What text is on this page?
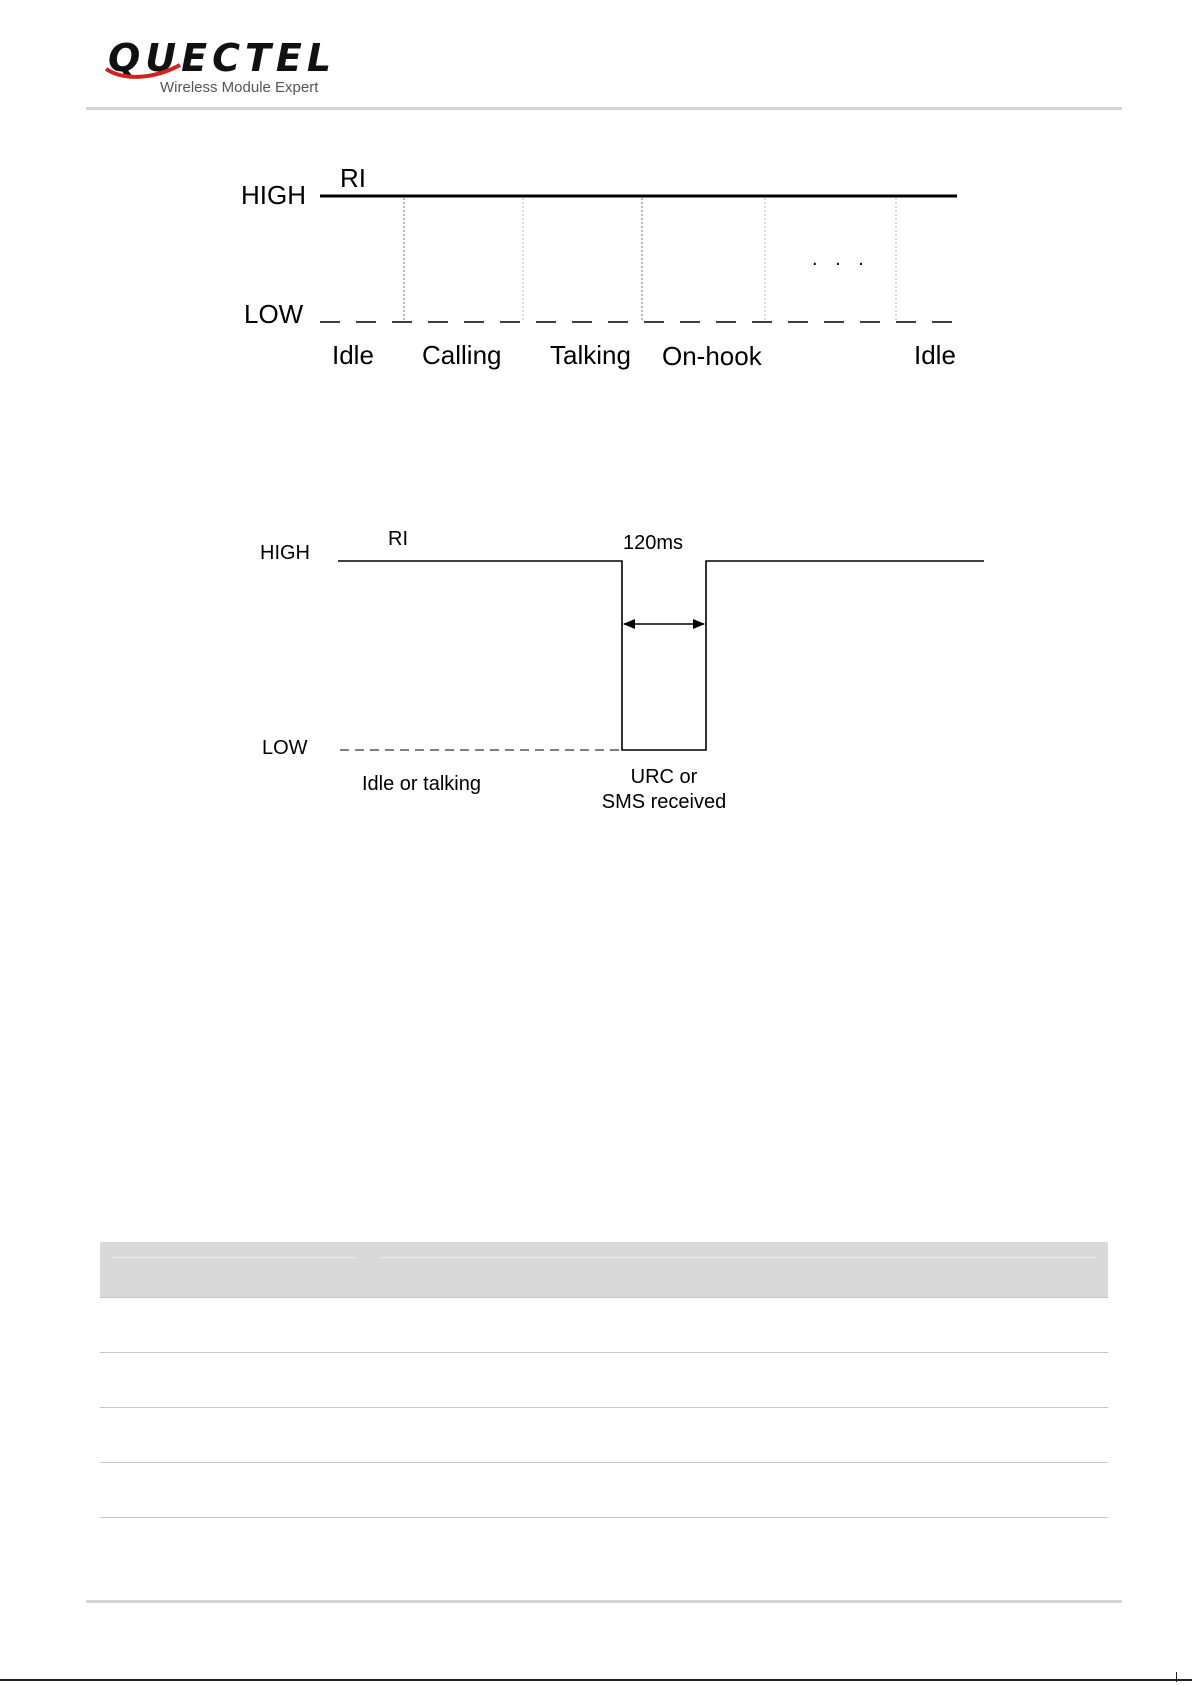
QUECTEL
Wireless Module Expert
RI
HIGH
LOW
. . .
Idle Calling Talking On-hook	Idle
RI
HIGH
LOW
120ms
Idle or talking	URC or
SMS received
